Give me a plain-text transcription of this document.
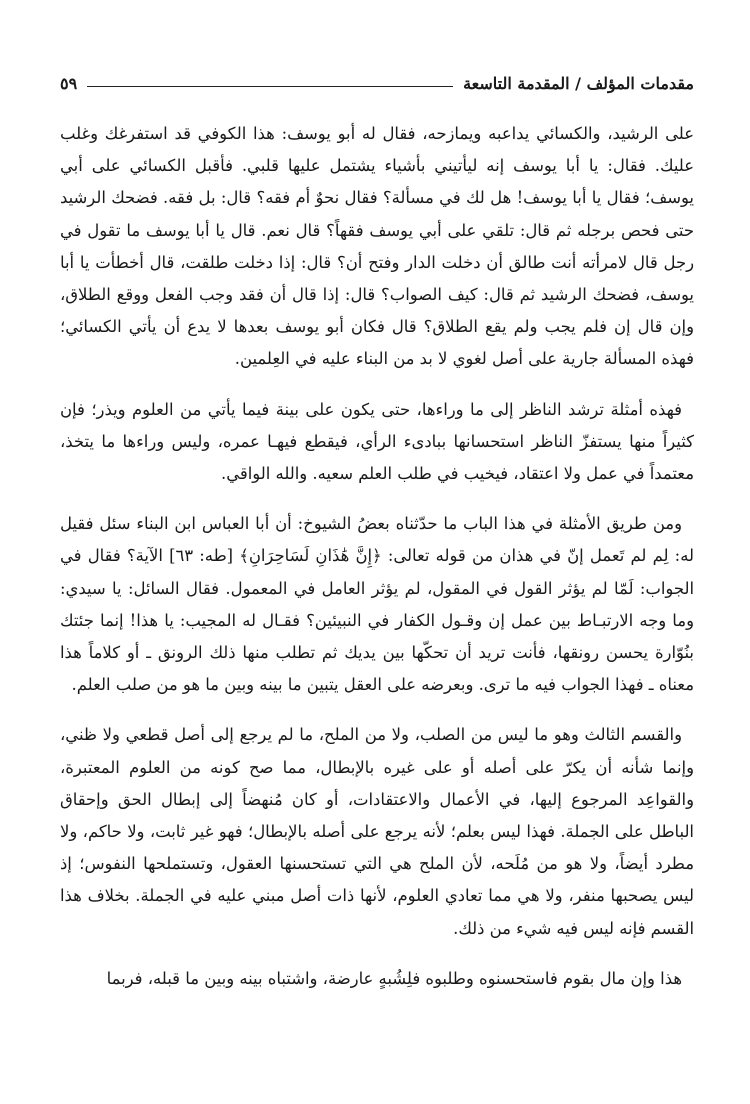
مقدمات المؤلف / المقدمة التاسعة
٥٩

على الرشيد، والكسائي يداعبه ويمازحه، فقال له أبو يوسف: هذا الكوفي قد استفرغك وغلب عليك. فقال: يا أبا يوسف إنه ليأتيني بأشياء يشتمل عليها قلبي. فأقبل الكسائي على أبي يوسف؛ فقال يا أبا يوسف! هل لك في مسألة؟ فقال نحوٌ أم فقه؟ قال: بل فقه. فضحك الرشيد حتى فحص برجله ثم قال: تلقي على أبي يوسف فقهاً؟ قال نعم. قال يا أبا يوسف ما تقول في رجل قال لامرأته أنت طالق أن دخلت الدار وفتح أن؟ قال: إذا دخلت طلقت، قال أخطأت يا أبا يوسف، فضحك الرشيد ثم قال: كيف الصواب؟ قال: إذا قال أن فقد وجب الفعل ووقع الطلاق، وإن قال إن فلم يجب ولم يقع الطلاق؟ قال فكان أبو يوسف بعدها لا يدع أن يأتي الكسائي؛ فهذه المسألة جارية على أصل لغوي لا بد من البناء عليه في العِلمين.

فهذه أمثلة ترشد الناظر إلى ما وراءها، حتى يكون على بينة فيما يأتي من العلوم ويذر؛ فإن كثيراً منها يستفزّ الناظر استحسانها ببادىء الرأي، فيقطع فيهـا عمره، وليس وراءها ما يتخذ، معتمداً في عمل ولا اعتقاد، فيخيب في طلب العلم سعيه. والله الواقي.

ومن طريق الأمثلة في هذا الباب ما حدّثناه بعضُ الشيوخ: أن أبا العباس ابن البناء سئل فقيل له: لِم لم تَعمل إنّ في هذان من قوله تعالى: ﴿إِنَّ هَٰذَانِ لَسَاحِرَانِ﴾ [طه: ٦٣] الآية؟ فقال في الجواب: لَمّا لم يؤثر القول في المقول، لم يؤثر العامل في المعمول. فقال السائل: يا سيدي: وما وجه الارتبـاط بين عمل إن وقـول الكفار في النبيئين؟ فقـال له المجيب: يا هذا! إنما جئتك بنُوّارة يحسن رونقها، فأنت تريد أن تحكّها بين يديك ثم تطلب منها ذلك الرونق ـ أو كلاماً هذا معناه ـ فهذا الجواب فيه ما ترى. وبعرضه على العقل يتبين ما بينه وبين ما هو من صلب العلم.

والقسم الثالث وهو ما ليس من الصلب، ولا من الملح، ما لم يرجع إلى أصل قطعي ولا ظني، وإنما شأنه أن يكرّ على أصله أو على غيره بالإبطال، مما صح كونه من العلوم المعتبرة، والقواعِد المرجوع إليها، في الأعمال والاعتقادات، أو كان مُنهضاً إلى إبطال الحق وإحقاق الباطل على الجملة. فهذا ليس بعلم؛ لأنه يرجع على أصله بالإبطال؛ فهو غير ثابت، ولا حاكم، ولا مطرد أيضاً، ولا هو من مُلَحه، لأن الملح هي التي تستحسنها العقول، وتستملحها النفوس؛ إذ ليس يصحبها منفر، ولا هي مما تعادي العلوم، لأنها ذات أصل مبني عليه في الجملة. بخلاف هذا القسم فإنه ليس فيه شيء من ذلك.

هذا وإن مال بقوم فاستحسنوه وطلبوه فلِشُبهٍ عارضة، واشتباه بينه وبين ما قبله، فربما
